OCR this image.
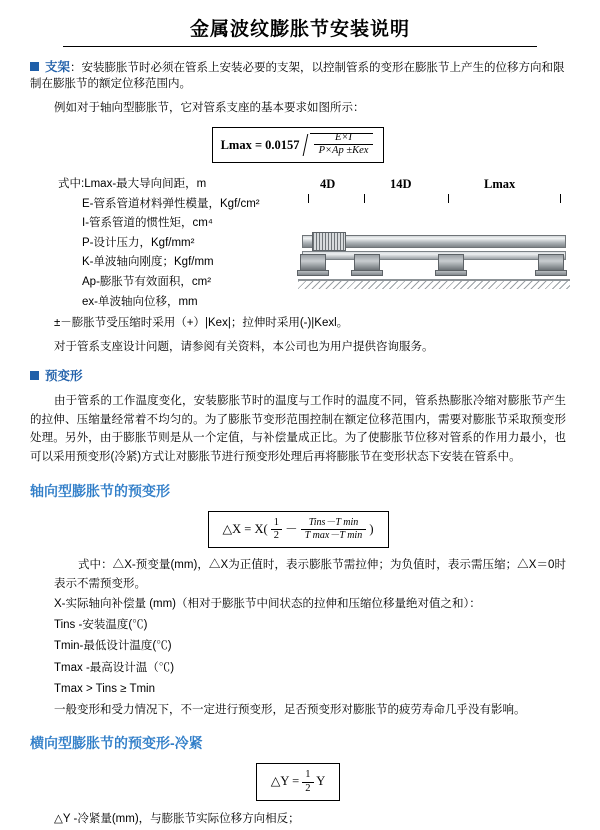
金属波纹膨胀节安装说明
支架：安装膨胀节时必须在管系上安装必要的支架，以控制管系的变形在膨胀节上产生的位移方向和限制在膨胀节的额定位移范围内。

例如对于轴向型膨胀节，它对管系支座的基本要求如图所示：

$Lmax = 0.0157 \frac{E\times I}{\text{P×Ap ±Kex}}$
式中:Lmax-最大导向间距，m
E-管系管道材料弹性模量，Kgf/cm²
I-管系管道的惯性矩，cm⁴
P-设计压力，Kgf/mm²
K-单波轴向刚度；Kgf/mm
Ap-膨胀节有效面积，cm²
ex-单波轴向位移，mm
4D	14D	Lmax
±－膨胀节受压缩时采用（+）|Kex|；拉伸时采用(-)|Kexl。

对于管系支座设计问题，请参阅有关资料，本公司也为用户提供咨询服务。

预变形

由于管系的工作温度变化，安装膨胀节时的温度与工作时的温度不同，管系热膨胀冷缩对膨胀节产生的拉伸、压缩量经常着不均匀的。为了膨胀节变形范围控制在额定位移范围内，需要对膨胀节采取预变形处理。另外，由于膨胀节则是从一个定值，与补偿量成正比。为了使膨胀节位移对管系的作用力最小，也可以采用预变形(冷紧)方式让对膨胀节进行预变形处理后再将膨胀节在变形状态下安装在管系中。

轴向型膨胀节的预变形
△X = $X( \frac{1}{2} - \frac{\text{Tins－T min}}{\text{T max－T min}}$ )

式中：△X-预变量(mm)，△X为正值时，表示膨胀节需拉伸；为负值时，表示需压缩；△X＝0时表示不需预变形。

X-实际轴向补偿量 (mm)（相对于膨胀节中间状态的拉伸和压缩位移量绝对值之和）：
Tins -安装温度(℃)
Tmin-最低设计温度(℃)
Tmax -最高设计温（℃)
Tmax > Tins ≥ Tmin
一般变形和受力情况下，不一定进行预变形，足否预变形对膨胀节的疲劳寿命几乎没有影响。
横向型膨胀节的预变形-冷紧
△Y = $\frac{1}{2}$ Y
△Y -冷紧量(mm)，与膨胀节实际位移方向相反；
